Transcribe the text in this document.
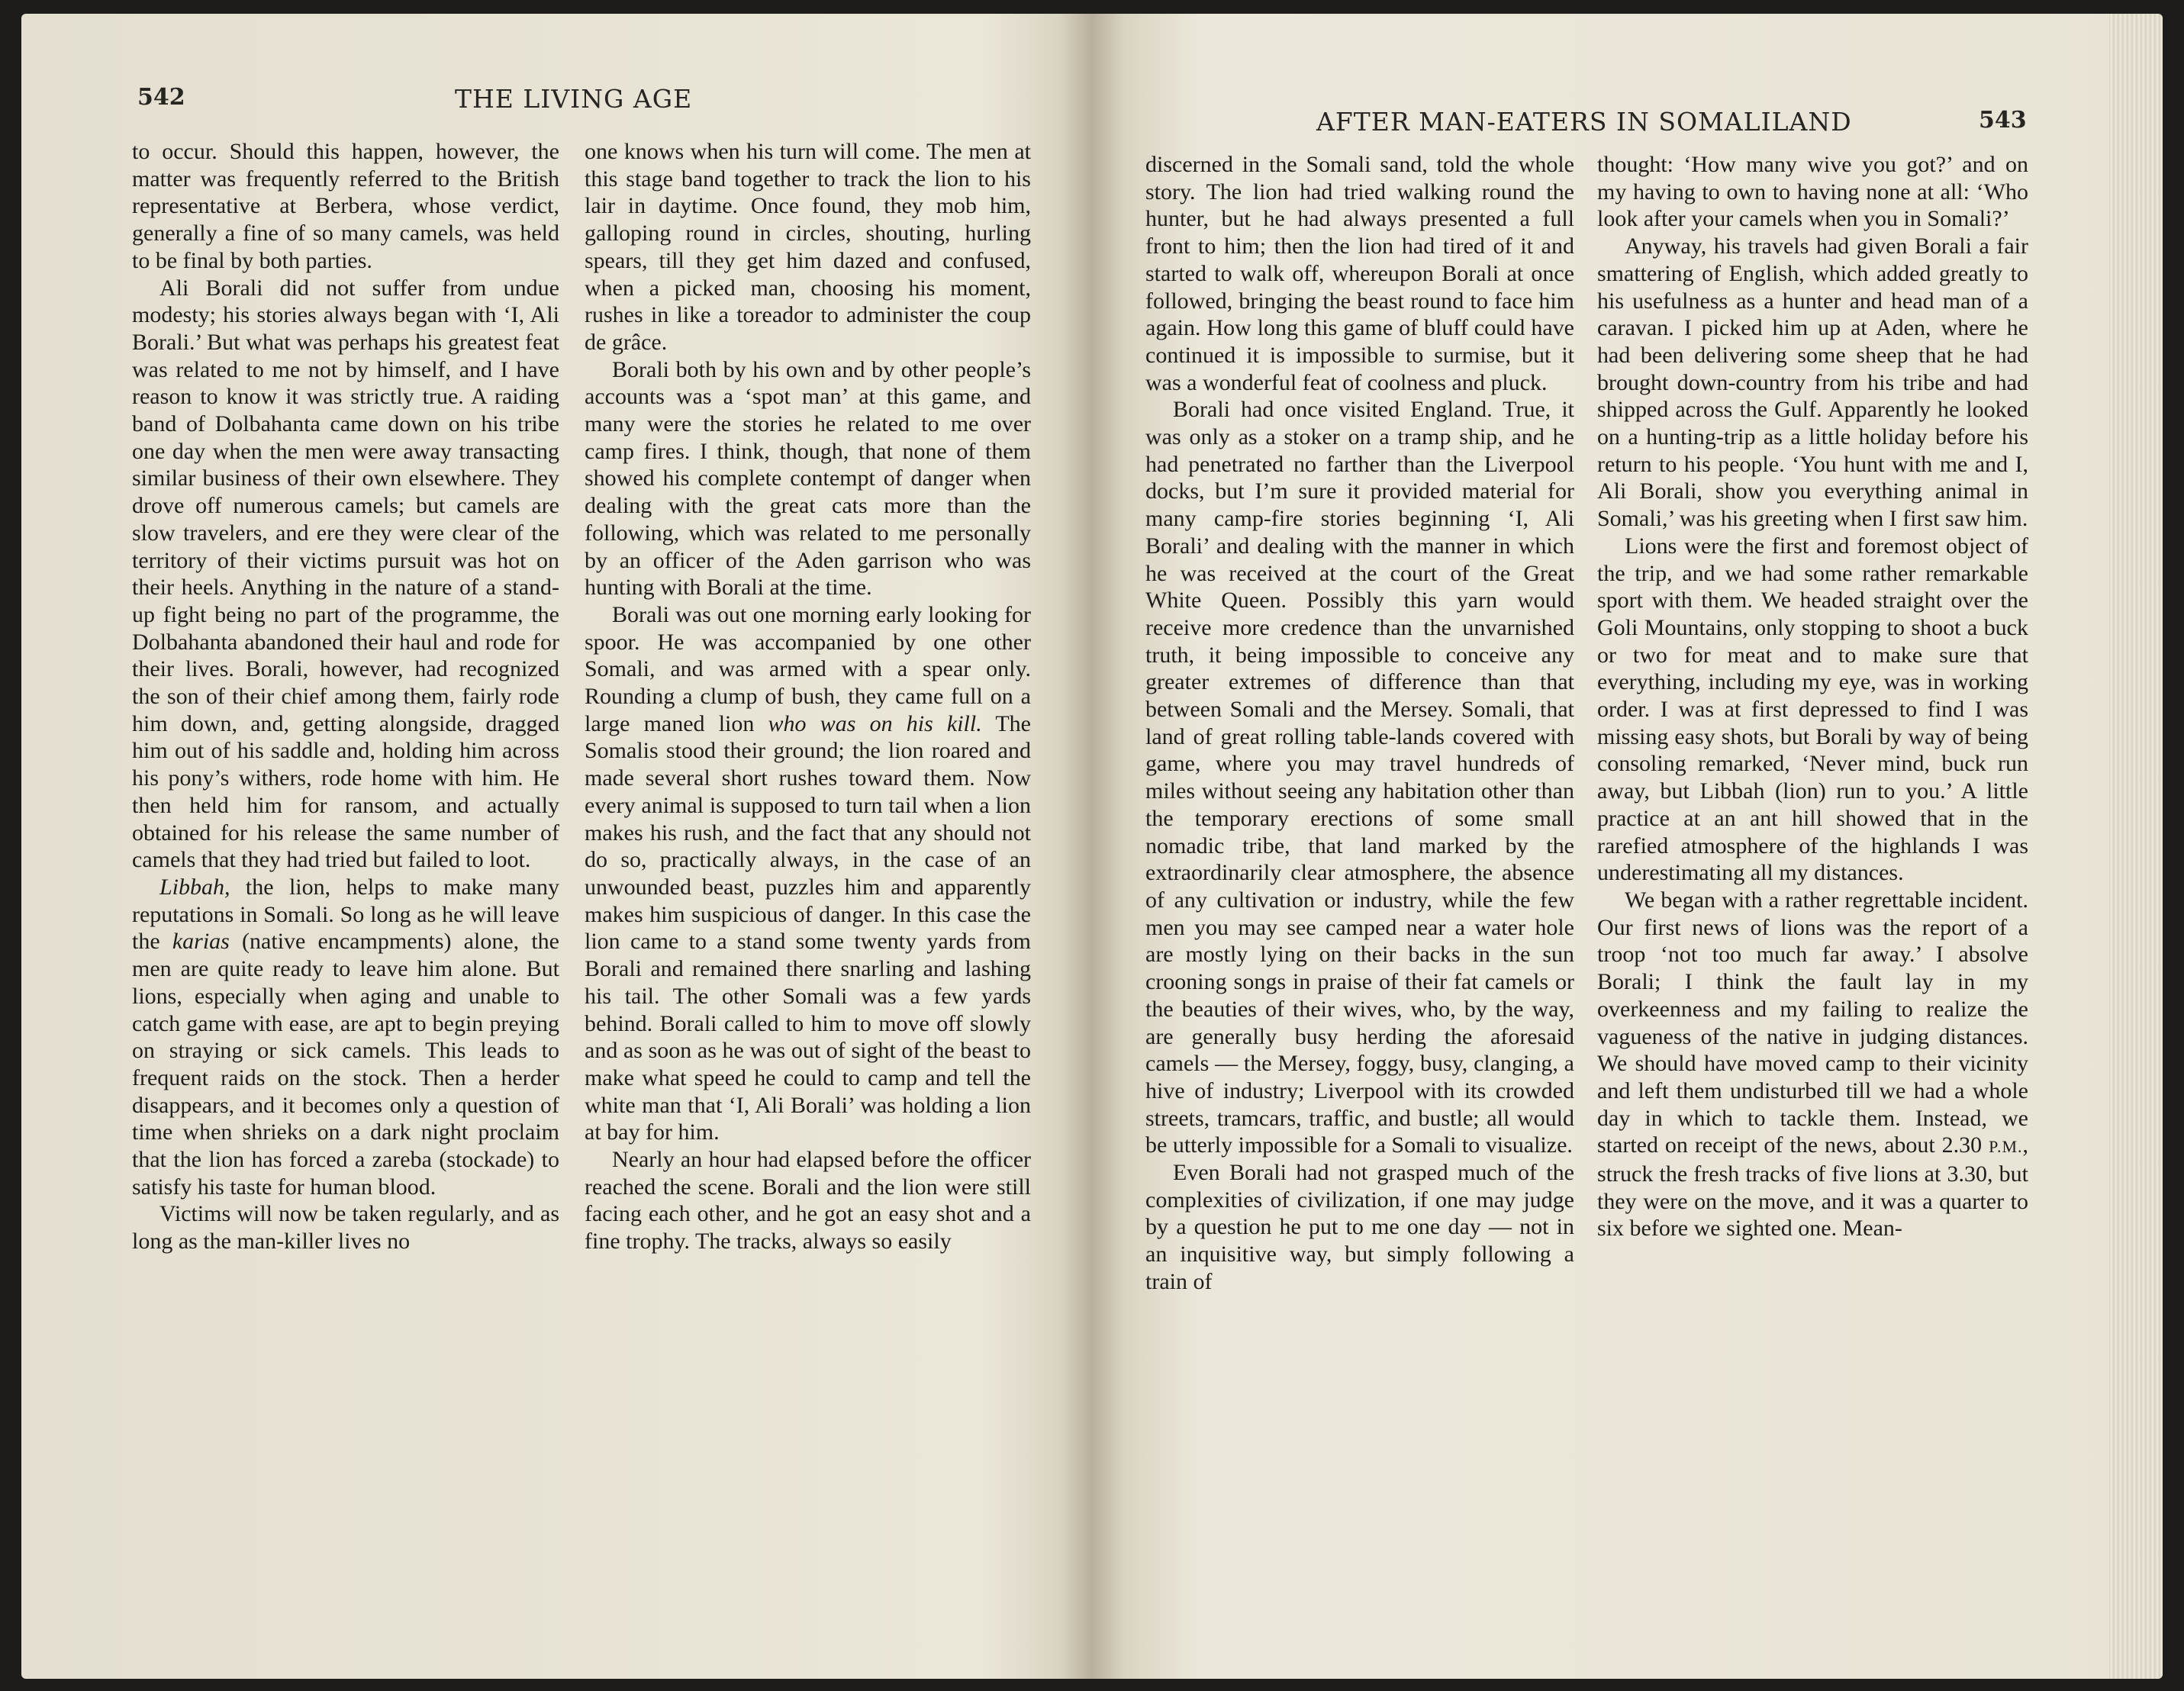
542	THE LIVING AGE

to occur. Should this happen, however, the matter was frequently referred to the British representative at Berbera, whose verdict, generally a fine of so many camels, was held to be final by both parties.

Ali Borali did not suffer from undue modesty; his stories always began with ‘I, Ali Borali.’ But what was perhaps his greatest feat was related to me not by himself, and I have reason to know it was strictly true. A raiding band of Dolbahanta came down on his tribe one day when the men were away transacting similar business of their own elsewhere. They drove off numerous camels; but camels are slow travelers, and ere they were clear of the territory of their victims pursuit was hot on their heels. Anything in the nature of a stand-up fight being no part of the programme, the Dolbahanta abandoned their haul and rode for their lives. Borali, however, had recognized the son of their chief among them, fairly rode him down, and, getting alongside, dragged him out of his saddle and, holding him across his pony’s withers, rode home with him. He then held him for ransom, and actually obtained for his release the same number of camels that they had tried but failed to loot.

Libbah, the lion, helps to make many reputations in Somali. So long as he will leave the karias (native encampments) alone, the men are quite ready to leave him alone. But lions, especially when aging and unable to catch game with ease, are apt to begin preying on straying or sick camels. This leads to frequent raids on the stock. Then a herder disappears, and it becomes only a question of time when shrieks on a dark night proclaim that the lion has forced a zareba (stockade) to satisfy his taste for human blood.

Victims will now be taken regularly, and as long as the man-killer lives no

one knows when his turn will come. The men at this stage band together to track the lion to his lair in daytime. Once found, they mob him, galloping round in circles, shouting, hurling spears, till they get him dazed and confused, when a picked man, choosing his moment, rushes in like a toreador to administer the coup de grâce.

Borali both by his own and by other people’s accounts was a ‘spot man’ at this game, and many were the stories he related to me over camp fires. I think, though, that none of them showed his complete contempt of danger when dealing with the great cats more than the following, which was related to me personally by an officer of the Aden garrison who was hunting with Borali at the time.

Borali was out one morning early looking for spoor. He was accompanied by one other Somali, and was armed with a spear only. Rounding a clump of bush, they came full on a large maned lion who was on his kill. The Somalis stood their ground; the lion roared and made several short rushes toward them. Now every animal is supposed to turn tail when a lion makes his rush, and the fact that any should not do so, practically always, in the case of an unwounded beast, puzzles him and apparently makes him suspicious of danger. In this case the lion came to a stand some twenty yards from Borali and remained there snarling and lashing his tail. The other Somali was a few yards behind. Borali called to him to move off slowly and as soon as he was out of sight of the beast to make what speed he could to camp and tell the white man that ‘I, Ali Borali’ was holding a lion at bay for him.

Nearly an hour had elapsed before the officer reached the scene. Borali and the lion were still facing each other, and he got an easy shot and a fine trophy. The tracks, always so easily

AFTER MAN-EATERS IN SOMALILAND	543

discerned in the Somali sand, told the whole story. The lion had tried walking round the hunter, but he had always presented a full front to him; then the lion had tired of it and started to walk off, whereupon Borali at once followed, bringing the beast round to face him again. How long this game of bluff could have continued it is impossible to surmise, but it was a wonderful feat of coolness and pluck.

Borali had once visited England. True, it was only as a stoker on a tramp ship, and he had penetrated no farther than the Liverpool docks, but I’m sure it provided material for many camp-fire stories beginning ‘I, Ali Borali’ and dealing with the manner in which he was received at the court of the Great White Queen. Possibly this yarn would receive more credence than the unvarnished truth, it being impossible to conceive any greater extremes of difference than that between Somali and the Mersey. Somali, that land of great rolling table-lands covered with game, where you may travel hundreds of miles without seeing any habitation other than the temporary erections of some small nomadic tribe, that land marked by the extraordinarily clear atmosphere, the absence of any cultivation or industry, while the few men you may see camped near a water hole are mostly lying on their backs in the sun crooning songs in praise of their fat camels or the beauties of their wives, who, by the way, are generally busy herding the aforesaid camels — the Mersey, foggy, busy, clanging, a hive of industry; Liverpool with its crowded streets, tramcars, traffic, and bustle; all would be utterly impossible for a Somali to visualize.

Even Borali had not grasped much of the complexities of civilization, if one may judge by a question he put to me one day — not in an inquisitive way, but simply following a train of

thought: ‘How many wive you got?’ and on my having to own to having none at all: ‘Who look after your camels when you in Somali?’

Anyway, his travels had given Borali a fair smattering of English, which added greatly to his usefulness as a hunter and head man of a caravan. I picked him up at Aden, where he had been delivering some sheep that he had brought down-country from his tribe and had shipped across the Gulf. Apparently he looked on a hunting-trip as a little holiday before his return to his people. ‘You hunt with me and I, Ali Borali, show you everything animal in Somali,’ was his greeting when I first saw him.

Lions were the first and foremost object of the trip, and we had some rather remarkable sport with them. We headed straight over the Goli Mountains, only stopping to shoot a buck or two for meat and to make sure that everything, including my eye, was in working order. I was at first depressed to find I was missing easy shots, but Borali by way of being consoling remarked, ‘Never mind, buck run away, but Libbah (lion) run to you.’ A little practice at an ant hill showed that in the rarefied atmosphere of the highlands I was underestimating all my distances.

We began with a rather regrettable incident. Our first news of lions was the report of a troop ‘not too much far away.’ I absolve Borali; I think the fault lay in my overkeenness and my failing to realize the vagueness of the native in judging distances. We should have moved camp to their vicinity and left them undisturbed till we had a whole day in which to tackle them. Instead, we started on receipt of the news, about 2.30 P.M., struck the fresh tracks of five lions at 3.30, but they were on the move, and it was a quarter to six before we sighted one. Mean-
